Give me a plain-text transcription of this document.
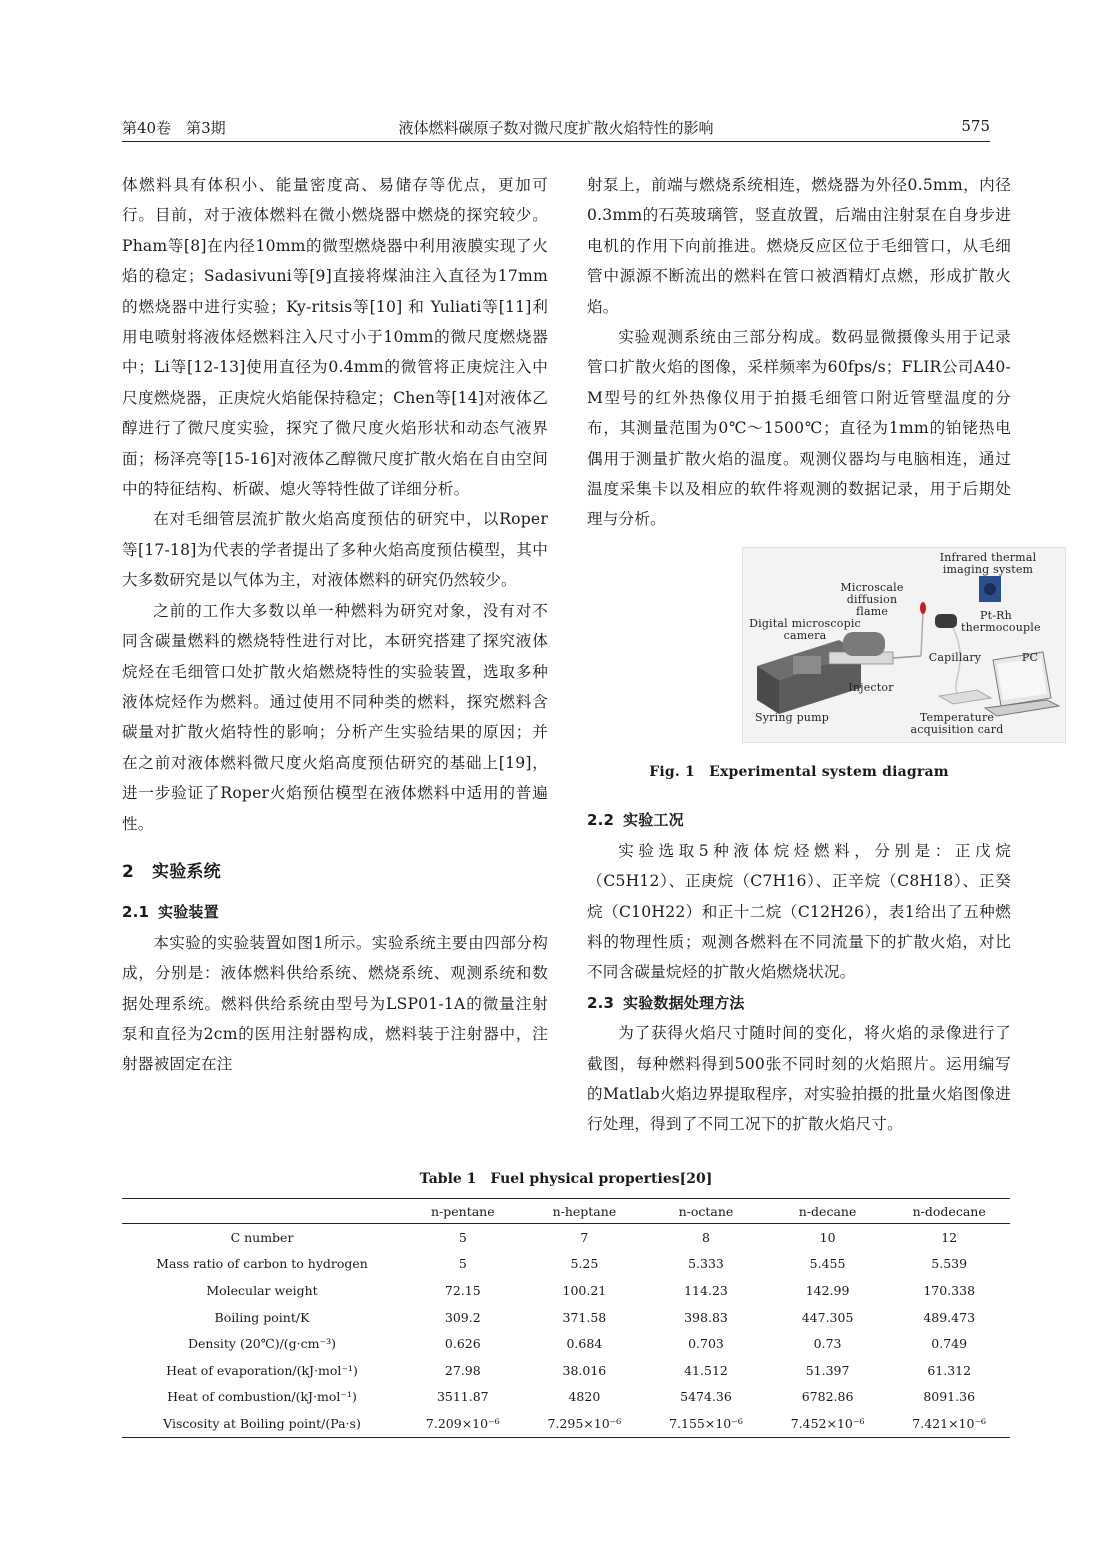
第40卷　第3期	液体燃料碳原子数对微尺度扩散火焰特性的影响	575

体燃料具有体积小、能量密度高、易储存等优点，更加可行。目前，对于液体燃料在微小燃烧器中燃烧的探究较少。Pham等[8]在内径10mm的微型燃烧器中利用液膜实现了火焰的稳定；Sadasivuni等[9]直接将煤油注入直径为17mm的燃烧器中进行实验；Ky-ritsis等[10] 和 Yuliati等[11]利用电喷射将液体烃燃料注入尺寸小于10mm的微尺度燃烧器中；Li等[12-13]使用直径为0.4mm的微管将正庚烷注入中尺度燃烧器，正庚烷火焰能保持稳定；Chen等[14]对液体乙醇进行了微尺度实验，探究了微尺度火焰形状和动态气液界面；杨泽亮等[15-16]对液体乙醇微尺度扩散火焰在自由空间中的特征结构、析碳、熄火等特性做了详细分析。

在对毛细管层流扩散火焰高度预估的研究中，以Roper等[17-18]为代表的学者提出了多种火焰高度预估模型，其中大多数研究是以气体为主，对液体燃料的研究仍然较少。

之前的工作大多数以单一种燃料为研究对象，没有对不同含碳量燃料的燃烧特性进行对比，本研究搭建了探究液体烷烃在毛细管口处扩散火焰燃烧特性的实验装置，选取多种液体烷烃作为燃料。通过使用不同种类的燃料，探究燃料含碳量对扩散火焰特性的影响；分析产生实验结果的原因；并在之前对液体燃料微尺度火焰高度预估研究的基础上[19]，进一步验证了Roper火焰预估模型在液体燃料中适用的普遍性。

2 实验系统
2.1 实验装置

本实验的实验装置如图1所示。实验系统主要由四部分构成，分别是：液体燃料供给系统、燃烧系统、观测系统和数据处理系统。燃料供给系统由型号为LSP01-1A的微量注射泵和直径为2cm的医用注射器构成，燃料装于注射器中，注射器被固定在注

射泵上，前端与燃烧系统相连，燃烧器为外径0.5mm，内径0.3mm的石英玻璃管，竖直放置，后端由注射泵在自身步进电机的作用下向前推进。燃烧反应区位于毛细管口，从毛细管中源源不断流出的燃料在管口被酒精灯点燃，形成扩散火焰。

实验观测系统由三部分构成。数码显微摄像头用于记录管口扩散火焰的图像，采样频率为60fps/s；FLIR公司A40-M型号的红外热像仪用于拍摄毛细管口附近管壁温度的分布，其测量范围为0℃～1500℃；直径为1mm的铂铑热电偶用于测量扩散火焰的温度。观测仪器均与电脑相连，通过温度采集卡以及相应的软件将观测的数据记录，用于后期处理与分析。

Infrared thermal imaging system
Microscale diffusion flame
Digital microscopic camera
Pt-Rh thermocouple
Capillary	PC
Injector
Syring pump	Temperature acquisition card
Fig. 1　Experimental system diagram
2.2 实验工况

实验选取5种液体烷烃燃料，分别是：正戊烷（C5H12）、正庚烷（C7H16）、正辛烷（C8H18）、正癸烷（C10H22）和正十二烷（C12H26），表1给出了五种燃料的物理性质；观测各燃料在不同流量下的扩散火焰，对比不同含碳量烷烃的扩散火焰燃烧状况。

2.3 实验数据处理方法

为了获得火焰尺寸随时间的变化，将火焰的录像进行了截图，每种燃料得到500张不同时刻的火焰照片。运用编写的Matlab火焰边界提取程序，对实验拍摄的批量火焰图像进行处理，得到了不同工况下的扩散火焰尺寸。

Table 1　Fuel physical properties[20]
	n-pentane	n-heptane	n-octane	n-decane	n-dodecane
C number	5	7	8	10	12
Mass ratio of carbon to hydrogen	5	5.25	5.333	5.455	5.539
Molecular weight	72.15	100.21	114.23	142.99	170.338
Boiling point/K	309.2	371.58	398.83	447.305	489.473
Density (20℃)/(g·cm⁻³)	0.626	0.684	0.703	0.73	0.749
Heat of evaporation/(kJ·mol⁻¹)	27.98	38.016	41.512	51.397	61.312
Heat of combustion/(kJ·mol⁻¹)	3511.87	4820	5474.36	6782.86	8091.36
Viscosity at Boiling point/(Pa·s)	7.209×10⁻⁶	7.295×10⁻⁶	7.155×10⁻⁶	7.452×10⁻⁶	7.421×10⁻⁶
